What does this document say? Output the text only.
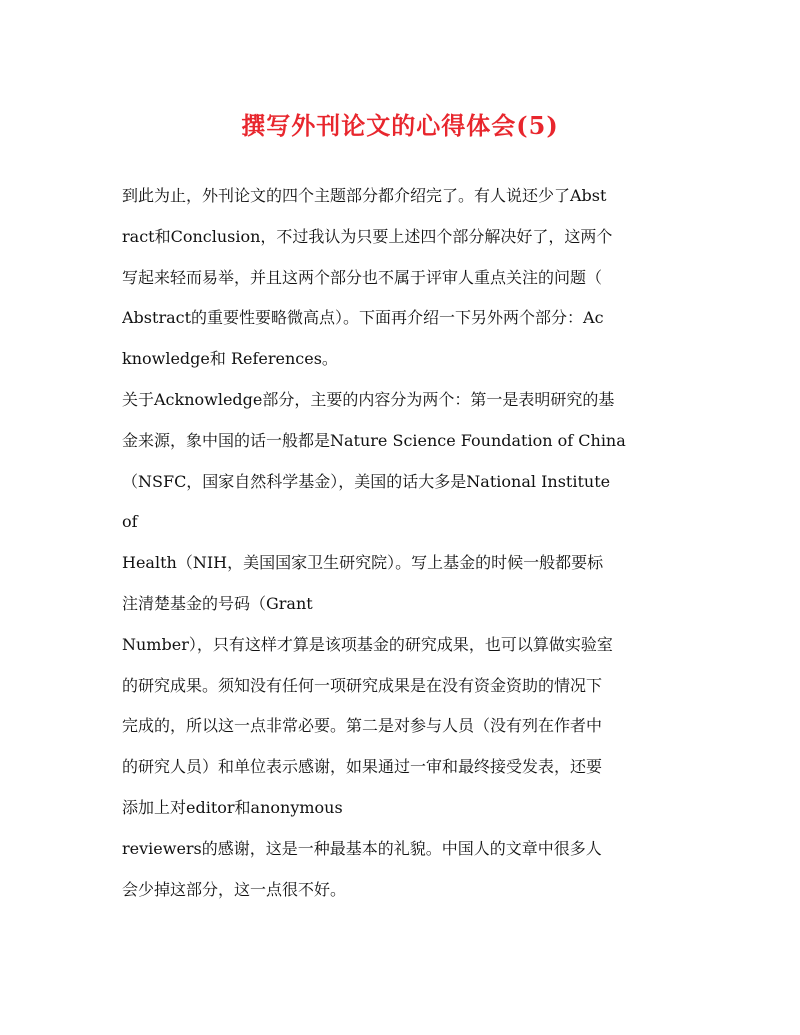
撰写外刊论文的心得体会(5)
到此为止，外刊论文的四个主题部分都介绍完了。有人说还少了Abst
ract和Conclusion，不过我认为只要上述四个部分解决好了，这两个
写起来轻而易举，并且这两个部分也不属于评审人重点关注的问题（
Abstract的重要性要略微高点）。下面再介绍一下另外两个部分：Ac
knowledge和 References。
关于Acknowledge部分，主要的内容分为两个：第一是表明研究的基
金来源，象中国的话一般都是Nature Science Foundation of China
（NSFC，国家自然科学基金），美国的话大多是National Institute
of
Health（NIH，美国国家卫生研究院）。写上基金的时候一般都要标
注清楚基金的号码（Grant
Number），只有这样才算是该项基金的研究成果，也可以算做实验室
的研究成果。须知没有任何一项研究成果是在没有资金资助的情况下
完成的，所以这一点非常必要。第二是对参与人员（没有列在作者中
的研究人员）和单位表示感谢，如果通过一审和最终接受发表，还要
添加上对editor和anonymous
reviewers的感谢，这是一种最基本的礼貌。中国人的文章中很多人
会少掉这部分，这一点很不好。
